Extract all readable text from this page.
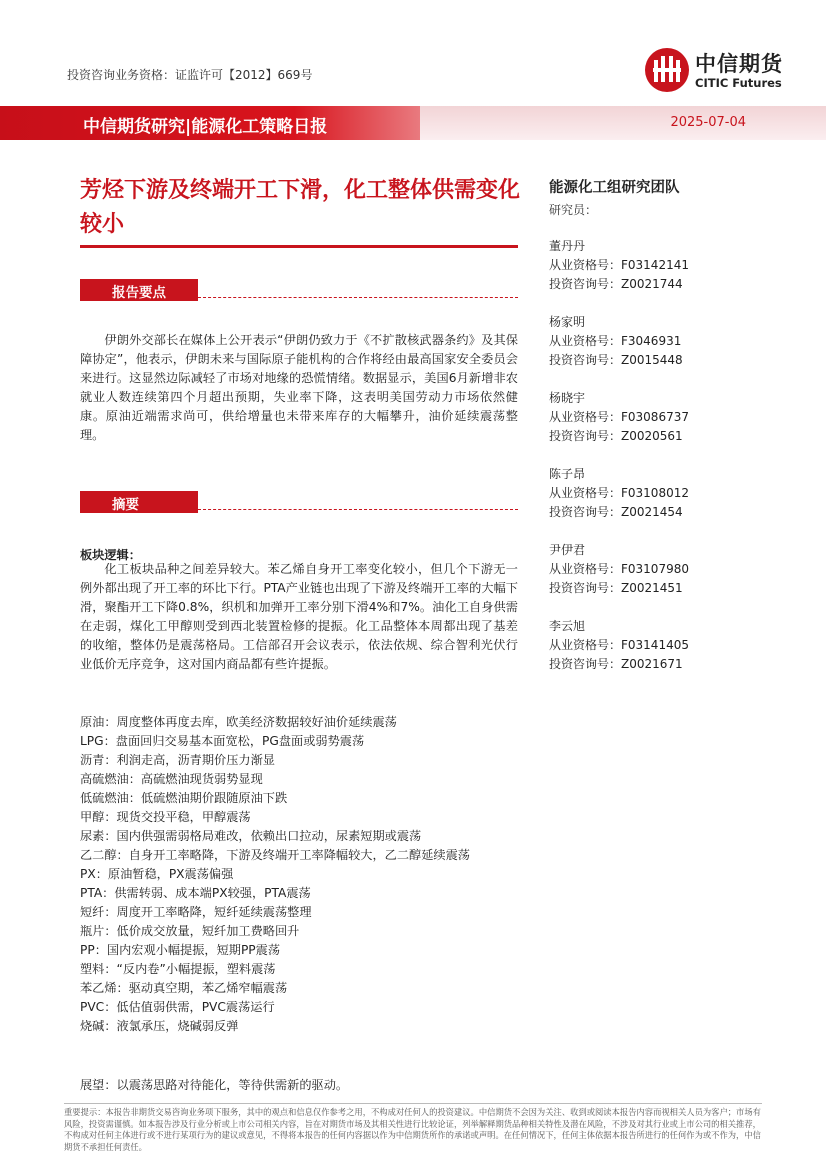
投资咨询业务资格：证监许可【2012】669号	中信期货
CITIC Futures
中信期货研究|能源化工策略日报	2025-07-04
芳烃下游及终端开工下滑，化工整体供需变化较小
报告要点

伊朗外交部长在媒体上公开表示“伊朗仍致力于《不扩散核武器条约》及其保障协定”，他表示，伊朗未来与国际原子能机构的合作将经由最高国家安全委员会来进行。这显然边际减轻了市场对地缘的恐慌情绪。数据显示，美国6月新增非农就业人数连续第四个月超出预期，失业率下降，这表明美国劳动力市场依然健康。原油近端需求尚可，供给增量也未带来库存的大幅攀升，油价延续震荡整理。

摘要
板块逻辑：

化工板块品种之间差异较大。苯乙烯自身开工率变化较小，但几个下游无一例外都出现了开工率的环比下行。PTA产业链也出现了下游及终端开工率的大幅下滑，聚酯开工下降0.8%，织机和加弹开工率分别下滑4%和7%。油化工自身供需在走弱，煤化工甲醇则受到西北装置检修的提振。化工品整体本周都出现了基差的收缩，整体仍是震荡格局。工信部召开会议表示，依法依规、综合智利光伏行业低价无序竞争，这对国内商品都有些许提振。

原油：周度整体再度去库，欧美经济数据较好油价延续震荡
LPG：盘面回归交易基本面宽松，PG盘面或弱势震荡
沥青：利润走高，沥青期价压力渐显
高硫燃油：高硫燃油现货弱势显现
低硫燃油：低硫燃油期价跟随原油下跌
甲醇：现货交投平稳，甲醇震荡
尿素：国内供强需弱格局难改，依赖出口拉动，尿素短期或震荡
乙二醇：自身开工率略降，下游及终端开工率降幅较大，乙二醇延续震荡
PX：原油暂稳，PX震荡偏强
PTA：供需转弱、成本端PX较强，PTA震荡
短纤：周度开工率略降，短纤延续震荡整理
瓶片：低价成交放量，短纤加工费略回升
PP：国内宏观小幅提振，短期PP震荡
塑料：“反内卷”小幅提振，塑料震荡
苯乙烯：驱动真空期，苯乙烯窄幅震荡
PVC：低估值弱供需，PVC震荡运行
烧碱：液氯承压，烧碱弱反弹
展望：以震荡思路对待能化，等待供需新的驱动。
能源化工组研究团队
研究员：
董丹丹
从业资格号：F03142141
投资咨询号：Z0021744
杨家明
从业资格号：F3046931
投资咨询号：Z0015448
杨晓宇
从业资格号：F03086737
投资咨询号：Z0020561
陈子昂
从业资格号：F03108012
投资咨询号：Z0021454
尹伊君
从业资格号：F03107980
投资咨询号：Z0021451
李云旭
从业资格号：F03141405
投资咨询号：Z0021671
重要提示：本报告非期货交易咨询业务项下服务，其中的观点和信息仅作参考之用，不构成对任何人的投资建议。中信期货不会因为关注、收到或阅读本报告内容而视相关人员为客户；市场有风险，投资需谨慎。如本报告涉及行业分析或上市公司相关内容，旨在对期货市场及其相关性进行比较论证，列举解释期货品种相关特性及潜在风险，不涉及对其行业或上市公司的相关推荐，不构成对任何主体进行或不进行某项行为的建议或意见，不得将本报告的任何内容据以作为中信期货所作的承诺或声明。在任何情况下，任何主体依据本报告所进行的任何作为或不作为，中信期货不承担任何责任。
